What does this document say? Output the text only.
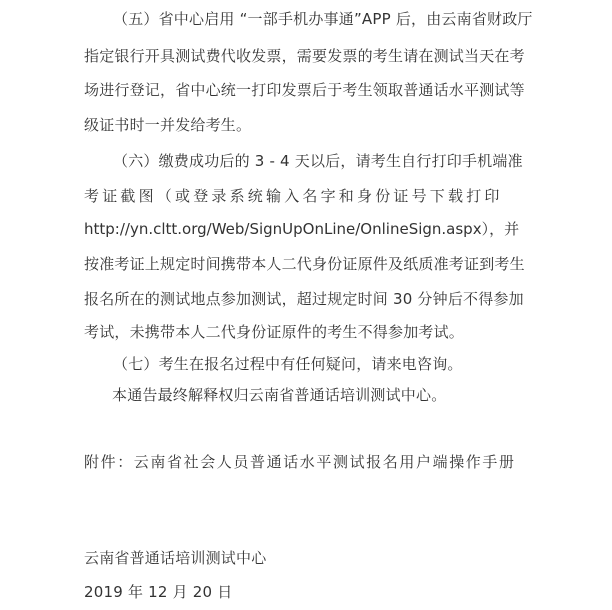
（五）省中心启用 “一部手机办事通”APP 后，由云南省财政厅
指定银行开具测试费代收发票，需要发票的考生请在测试当天在考
场进行登记，省中心统一打印发票后于考生领取普通话水平测试等
级证书时一并发给考生。
（六）缴费成功后的 3 - 4 天以后，请考生自行打印手机端准
考证截图（或登录系统输入名字和身份证号下载打印
http://yn.cltt.org/Web/SignUpOnLine/OnlineSign.aspx），并
按准考证上规定时间携带本人二代身份证原件及纸质准考证到考生
报名所在的测试地点参加测试，超过规定时间 30 分钟后不得参加
考试，未携带本人二代身份证原件的考生不得参加考试。
（七）考生在报名过程中有任何疑问，请来电咨询。
本通告最终解释权归云南省普通话培训测试中心。
附件：云南省社会人员普通话水平测试报名用户端操作手册
云南省普通话培训测试中心
2019 年 12 月 20 日
